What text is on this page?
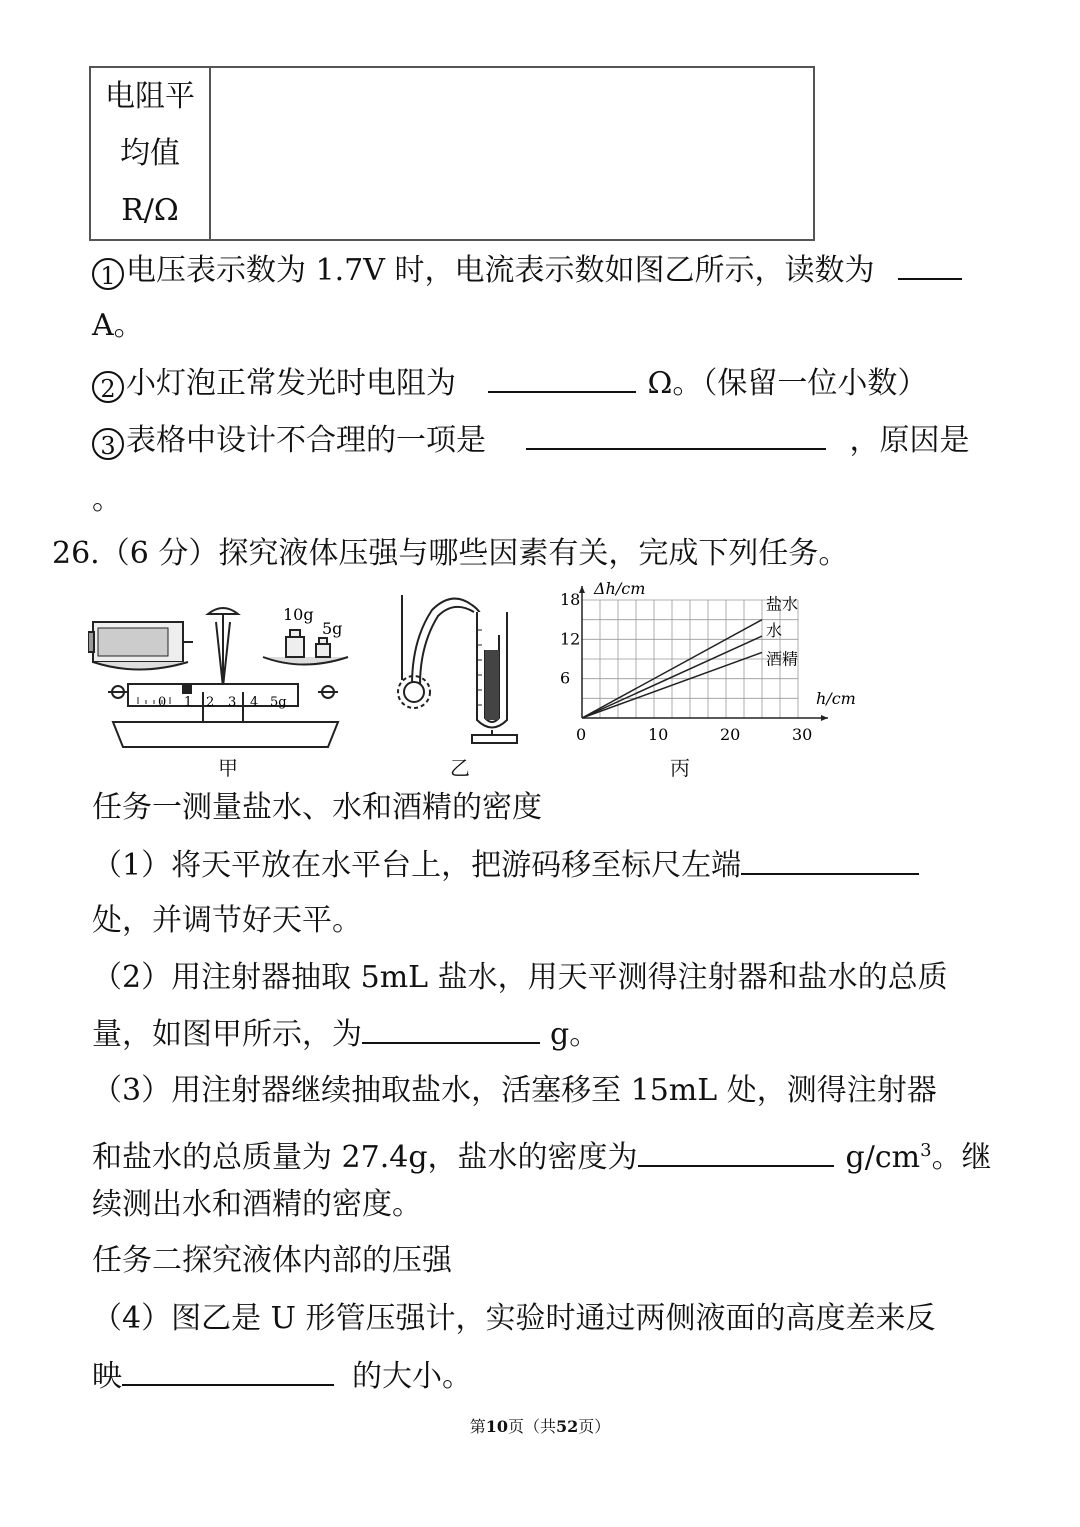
电阻平
均值
R/Ω

1 电压表示数为 1.7V 时，电流表示数如图乙所示，读数为
A。
2 小灯泡正常发光时电阻为	Ω。（保留一位小数）
3 表格中设计不合理的一项是	，原因是
。
26.（6 分）探究液体压强与哪些因素有关，完成下列任务。
10g
5g
0 1 2 3 4 5g
甲	乙
0	10	20	30
6
12
18
Δh/cm
h/cm
盐水
水
酒精
丙
任务一测量盐水、水和酒精的密度
（1）将天平放在水平台上，把游码移至标尺左端
处，并调节好天平。
（2）用注射器抽取 5mL 盐水，用天平测得注射器和盐水的总质
量，如图甲所示，为	g。
（3）用注射器继续抽取盐水，活塞移至 15mL 处，测得注射器
和盐水的总质量为 27.4g，盐水的密度为	$g/cm^3$。继
续测出水和酒精的密度。
任务二探究液体内部的压强
（4）图乙是 U 形管压强计，实验时通过两侧液面的高度差来反
映	的大小。
第10页（共52页）
